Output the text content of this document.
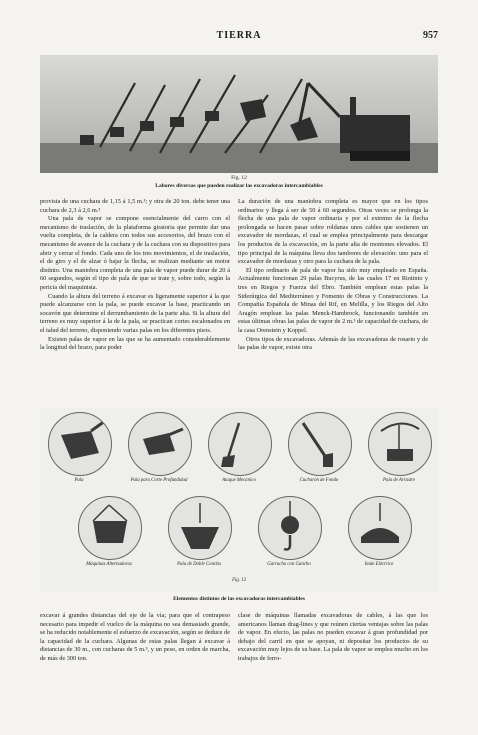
TIERRA	957
Fig. 12
Labores diversas que pueden realizar las excavadoras intercambiables

provista de una cuchara de 1,15 á 1,5 m.³; y otra de 20 ton. debe tener una cuchara de 2,3 á 2,6 m.³

Una pala de vapor se compone esencialmente del carro con el mecanismo de traslación, de la plataforma giratoria que permite dar una vuelta completa, de la caldera con todos sus accesorios, del brazo con el mecanismo de avance de la cuchara y de la cuchara con su dispositivo para abrir y cerrar el fondo. Cada uno de los tres movimientos, el de traslación, el de giro y el de alzar ó bajar la flecha, se realizan mediante un motor distinto. Una maniobra completa de una pala de vapor puede durar de 20 á 60 segundos, según el tipo de pala de que se trate y, sobre todo, según la pericia del maquinista.

Cuando la altura del terreno á excavar es ligeramente superior á la que puede alcanzarse con la pala, se puede excavar la base, practicando un socavón que determine el derrumbamiento de la parte alta. Si la altura del terreno es muy superior á la de la pala, se practican cortes escalonados en el talud del terreno, disponiendo varias palas en los diferentes pisos.

Existen palas de vapor en las que se ha aumentado considerablemente la longitud del brazo, para poder

La duración de una maniobra completa es mayor que en los tipos ordinarios y llega á ser de 50 á 60 segundos. Otras veces se prolonga la flecha de una pala de vapor ordinaria y por el extremo de la flecha prolongada se hacen pasar sobre roldanas unos cables que sostienen un excavador de mordazas, el cual se emplea principalmente para descargar los productos de la excavación, en la parte alta de montones elevados. El tipo principal de la máquina lleva dos tambores de elevación: uno para el excavador de mordazas y otro para la cuchara de la pala.

El tipo ordinario de pala de vapor ha sido muy empleado en España. Actualmente funcionan 29 palas Bucyrus, de las cuales 17 en Riotinto y tres en Riegos y Fuerza del Ebro. También emplean estas palas la Siderúrgica del Mediterráneo y Fomento de Obras y Construcciones. La Compañía Española de Minas del Rif, en Melilla, y los Riegos del Alto Aragón emplean las palas Menck-Hambrock, funcionando también en estas últimas obras las palas de vapor de 2 m.³ de capacidad de cuchara, de la casa Orenstein y Koppel.

Otros tipos de excavadoras. Además de las excavadoras de rosario y de las palas de vapor, existe otra

Pala	Pala para Corte Profundidad	Ataque Mecánico	Cucharón de Fondo	Pala de Arrastre
Máquinas Alternadoras	Pala de Doble Concha	Garrucho con Gancho	Imán Eléctrico
Fig. 13
Elementos distintos de las excavadoras intercambiables

excavar á grandes distancias del eje de la vía; para que el contrapeso necesario para impedir el vuelco de la máquina no sea demasiado grande, se ha reducido notablemente el esfuerzo de excavación, según se deduce de la capacidad de la cuchara. Algunas de estas palas llegan á excavar á distancias de 30 m., con cucharas de 5 m.³, y un peso, en orden de marcha, de más de 300 ton.

clase de máquinas llamadas excavadoras de cables, á las que los americanos llaman drag-lines y que reúnen ciertas ventajas sobre las palas de vapor. En efecto, las palas no pueden excavar á gran profundidad por debajo del carril en que se apoyan, ni depositar los productos de su excavación muy lejos de su base. La pala de vapor se emplea mucho en los trabajos de ferro-
